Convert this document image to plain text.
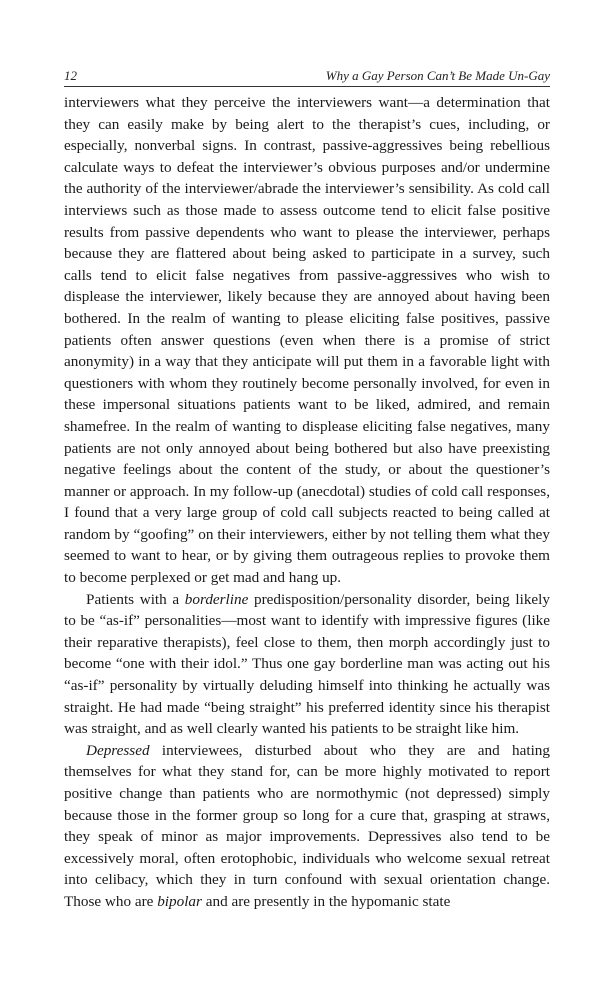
12	Why a Gay Person Can’t Be Made Un-Gay

interviewers what they perceive the interviewers want—a determination that they can easily make by being alert to the therapist’s cues, including, or especially, nonverbal signs. In contrast, passive-aggressives being rebellious calculate ways to defeat the interviewer’s obvious purposes and/or undermine the authority of the interviewer/abrade the interviewer’s sensibility. As cold call interviews such as those made to assess outcome tend to elicit false positive results from passive dependents who want to please the interviewer, perhaps because they are flattered about being asked to participate in a survey, such calls tend to elicit false negatives from passive-aggressives who wish to displease the interviewer, likely because they are annoyed about having been bothered. In the realm of wanting to please eliciting false positives, passive patients often answer questions (even when there is a promise of strict anonymity) in a way that they anticipate will put them in a favorable light with questioners with whom they routinely become personally involved, for even in these impersonal situations patients want to be liked, admired, and remain shamefree. In the realm of wanting to displease eliciting false negatives, many patients are not only annoyed about being bothered but also have preexisting negative feelings about the content of the study, or about the questioner’s manner or approach. In my follow-up (anecdotal) studies of cold call responses, I found that a very large group of cold call subjects reacted to being called at random by “goofing” on their interviewers, either by not telling them what they seemed to want to hear, or by giving them outrageous replies to provoke them to become perplexed or get mad and hang up.

Patients with a borderline predisposition/personality disorder, being likely to be “as-if” personalities—most want to identify with impressive figures (like their reparative therapists), feel close to them, then morph accordingly just to become “one with their idol.” Thus one gay borderline man was acting out his “as-if” personality by virtually deluding himself into thinking he actually was straight. He had made “being straight” his preferred identity since his therapist was straight, and as well clearly wanted his patients to be straight like him.

Depressed interviewees, disturbed about who they are and hating themselves for what they stand for, can be more highly motivated to report positive change than patients who are normothymic (not depressed) simply because those in the former group so long for a cure that, grasping at straws, they speak of minor as major improvements. Depressives also tend to be excessively moral, often erotophobic, individuals who welcome sexual retreat into celibacy, which they in turn confound with sexual orientation change. Those who are bipolar and are presently in the hypomanic state
